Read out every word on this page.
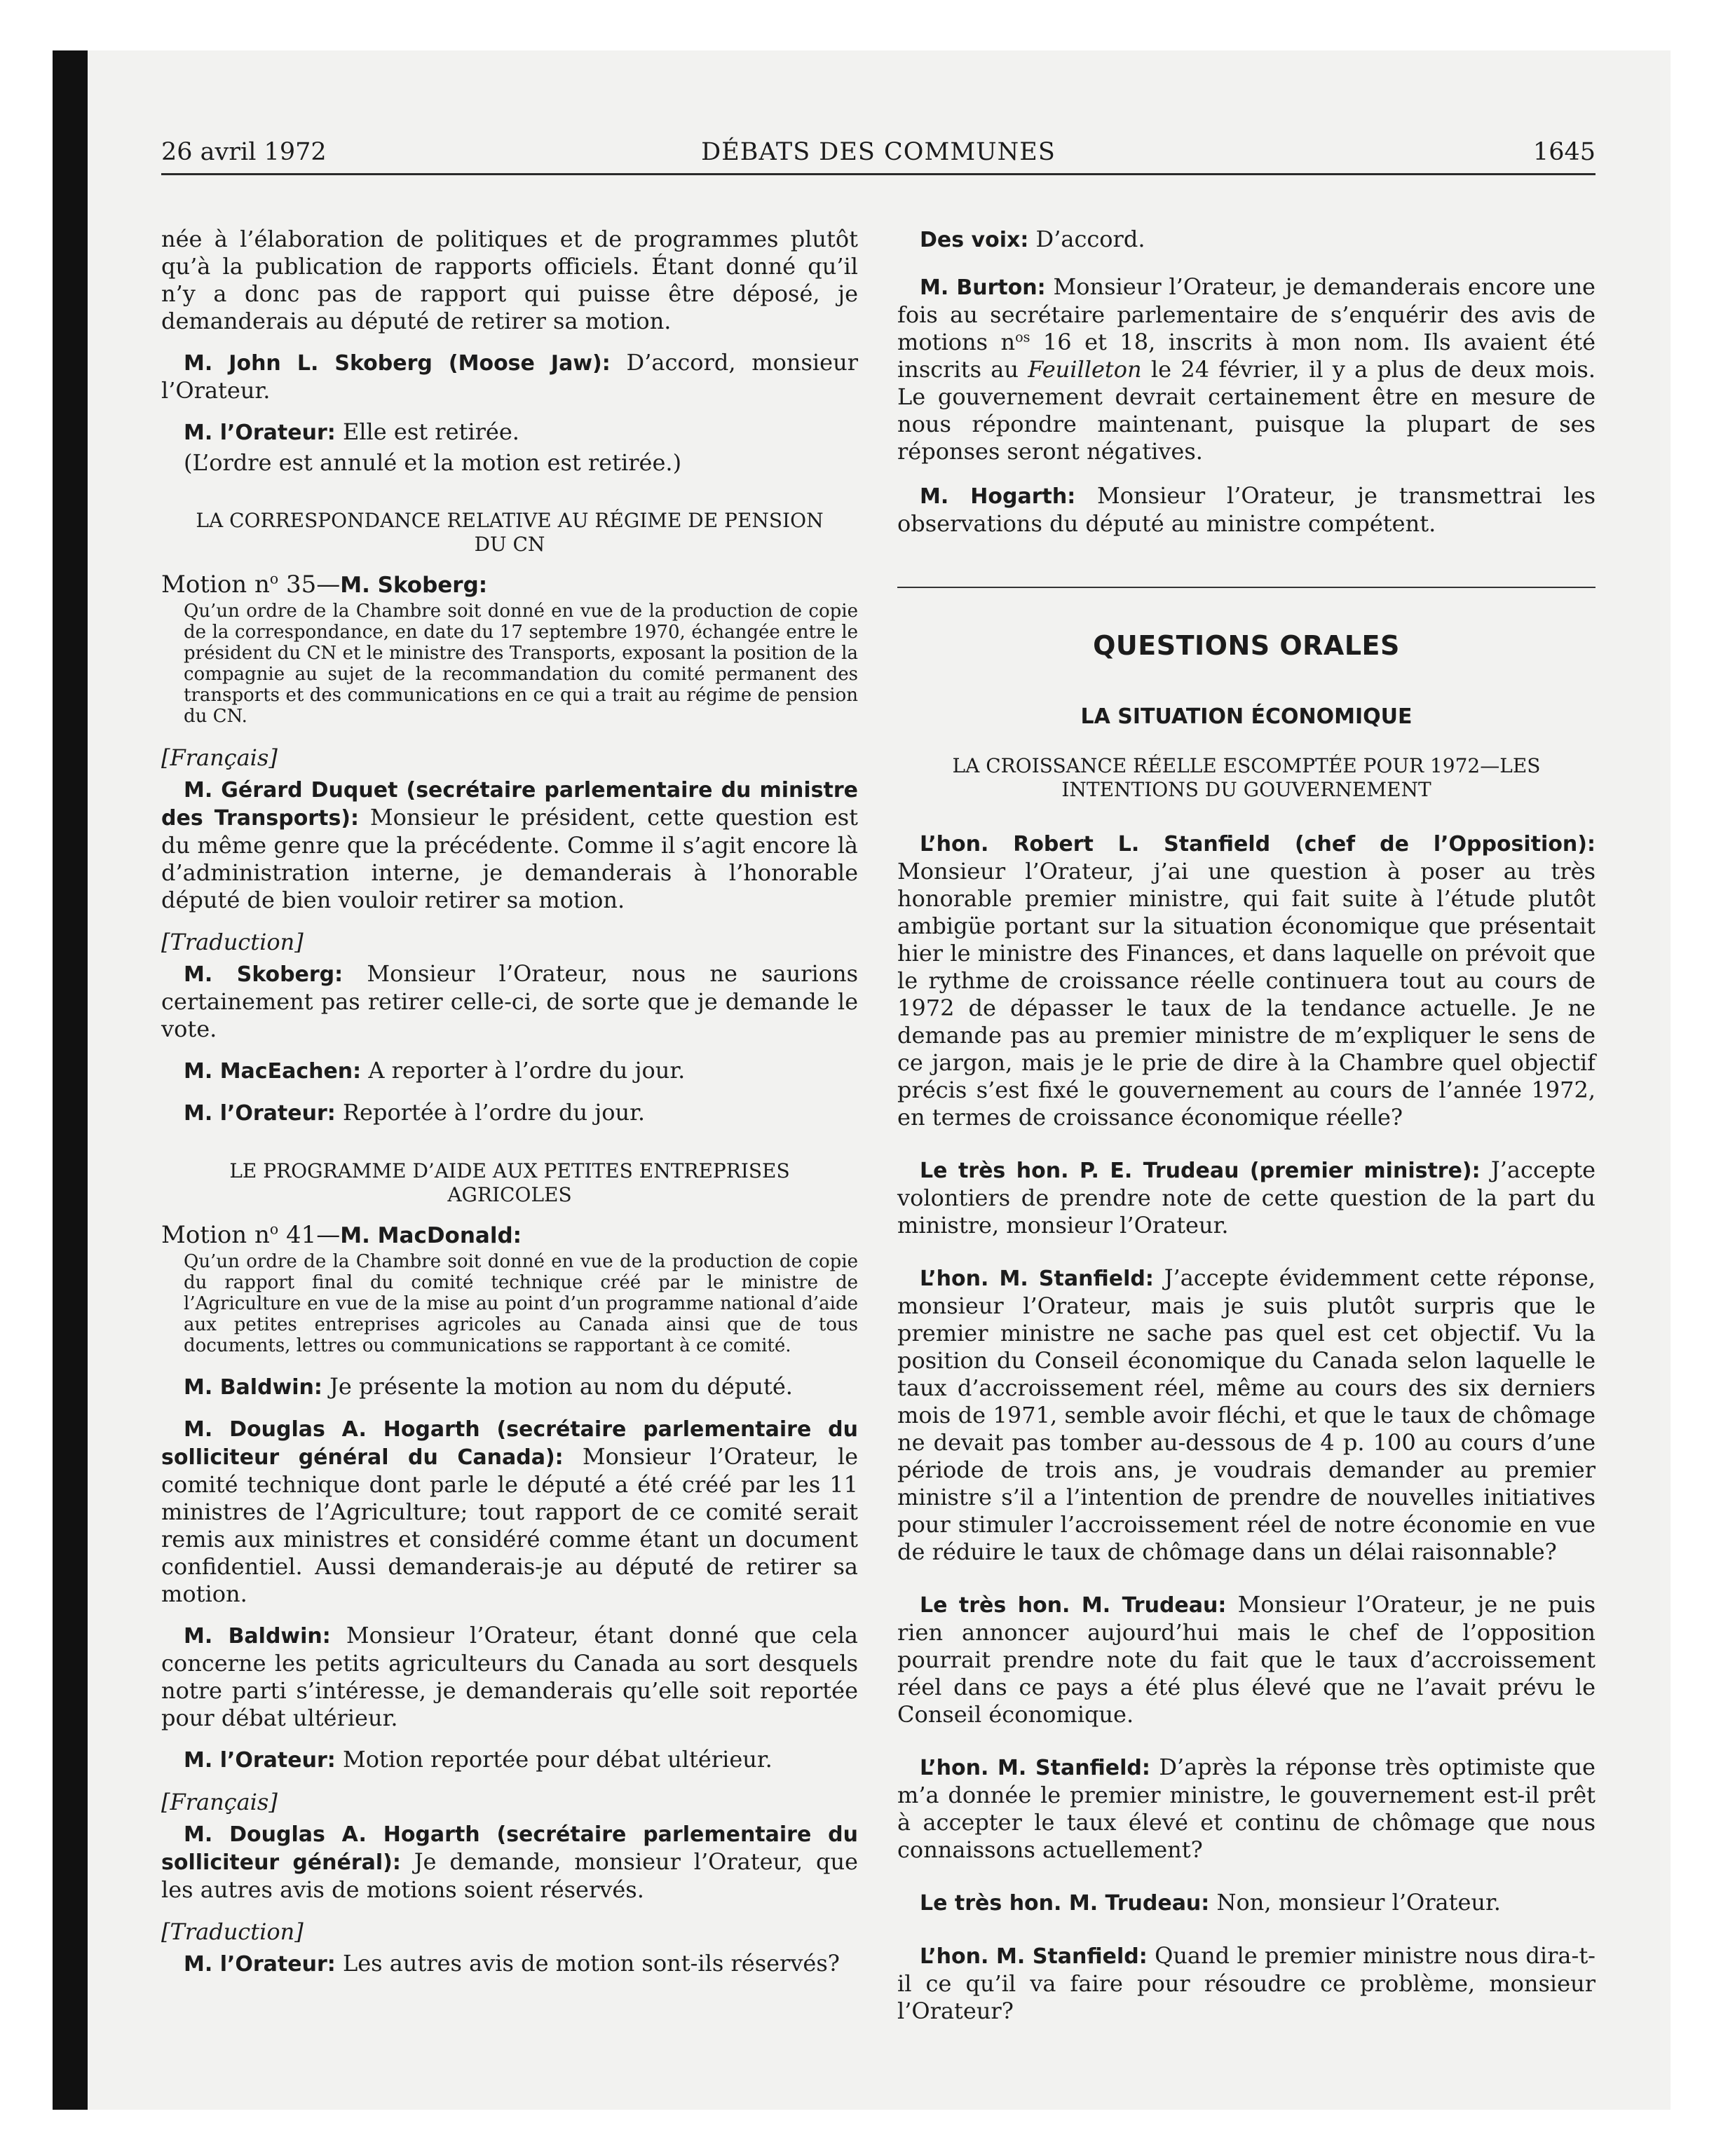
26 avril 1972	DÉBATS DES COMMUNES	1645

née à l’élaboration de politiques et de programmes plutôt qu’à la publication de rapports officiels. Étant donné qu’il n’y a donc pas de rapport qui puisse être déposé, je demanderais au député de retirer sa motion.

M. John L. Skoberg (Moose Jaw): D’accord, monsieur l’Orateur.

M. l’Orateur: Elle est retirée.

(L’ordre est annulé et la motion est retirée.)

LA CORRESPONDANCE RELATIVE AU RÉGIME DE PENSION DU CN

Motion $n^o$ 35—M. Skoberg:

Qu’un ordre de la Chambre soit donné en vue de la production de copie de la correspondance, en date du 17 septembre 1970, échangée entre le président du CN et le ministre des Transports, exposant la position de la compagnie au sujet de la recommandation du comité permanent des transports et des communications en ce qui a trait au régime de pension du CN.

[Français]

M. Gérard Duquet (secrétaire parlementaire du ministre des Transports): Monsieur le président, cette question est du même genre que la précédente. Comme il s’agit encore là d’administration interne, je demanderais à l’honorable député de bien vouloir retirer sa motion.

[Traduction]

M. Skoberg: Monsieur l’Orateur, nous ne saurions certainement pas retirer celle-ci, de sorte que je demande le vote.

M. MacEachen: A reporter à l’ordre du jour.

M. l’Orateur: Reportée à l’ordre du jour.

LE PROGRAMME D’AIDE AUX PETITES ENTREPRISES AGRICOLES

Motion $n^o$ 41—M. MacDonald:

Qu’un ordre de la Chambre soit donné en vue de la production de copie du rapport final du comité technique créé par le ministre de l’Agriculture en vue de la mise au point d’un programme national d’aide aux petites entreprises agricoles au Canada ainsi que de tous documents, lettres ou communications se rapportant à ce comité.

M. Baldwin: Je présente la motion au nom du député.

M. Douglas A. Hogarth (secrétaire parlementaire du solliciteur général du Canada): Monsieur l’Orateur, le comité technique dont parle le député a été créé par les 11 ministres de l’Agriculture; tout rapport de ce comité serait remis aux ministres et considéré comme étant un document confidentiel. Aussi demanderais-je au député de retirer sa motion.

M. Baldwin: Monsieur l’Orateur, étant donné que cela concerne les petits agriculteurs du Canada au sort desquels notre parti s’intéresse, je demanderais qu’elle soit reportée pour débat ultérieur.

M. l’Orateur: Motion reportée pour débat ultérieur.

[Français]

M. Douglas A. Hogarth (secrétaire parlementaire du solliciteur général): Je demande, monsieur l’Orateur, que les autres avis de motions soient réservés.

[Traduction]

M. l’Orateur: Les autres avis de motion sont-ils réservés?

Des voix: D’accord.

M. Burton: Monsieur l’Orateur, je demanderais encore une fois au secrétaire parlementaire de s’enquérir des avis de motions $n^{os}$ 16 et 18, inscrits à mon nom. Ils avaient été inscrits au Feuilleton le 24 février, il y a plus de deux mois. Le gouvernement devrait certainement être en mesure de nous répondre maintenant, puisque la plupart de ses réponses seront négatives.

M. Hogarth: Monsieur l’Orateur, je transmettrai les observations du député au ministre compétent.

QUESTIONS ORALES

LA SITUATION ÉCONOMIQUE

LA CROISSANCE RÉELLE ESCOMPTÉE POUR 1972—LES INTENTIONS DU GOUVERNEMENT

L’hon. Robert L. Stanfield (chef de l’Opposition): Monsieur l’Orateur, j’ai une question à poser au très honorable premier ministre, qui fait suite à l’étude plutôt ambigüe portant sur la situation économique que présentait hier le ministre des Finances, et dans laquelle on prévoit que le rythme de croissance réelle continuera tout au cours de 1972 de dépasser le taux de la tendance actuelle. Je ne demande pas au premier ministre de m’expliquer le sens de ce jargon, mais je le prie de dire à la Chambre quel objectif précis s’est fixé le gouvernement au cours de l’année 1972, en termes de croissance économique réelle?

Le très hon. P. E. Trudeau (premier ministre): J’accepte volontiers de prendre note de cette question de la part du ministre, monsieur l’Orateur.

L’hon. M. Stanfield: J’accepte évidemment cette réponse, monsieur l’Orateur, mais je suis plutôt surpris que le premier ministre ne sache pas quel est cet objectif. Vu la position du Conseil économique du Canada selon laquelle le taux d’accroissement réel, même au cours des six derniers mois de 1971, semble avoir fléchi, et que le taux de chômage ne devait pas tomber au-dessous de 4 p. 100 au cours d’une période de trois ans, je voudrais demander au premier ministre s’il a l’intention de prendre de nouvelles initiatives pour stimuler l’accroissement réel de notre économie en vue de réduire le taux de chômage dans un délai raisonnable?

Le très hon. M. Trudeau: Monsieur l’Orateur, je ne puis rien annoncer aujourd’hui mais le chef de l’opposition pourrait prendre note du fait que le taux d’accroissement réel dans ce pays a été plus élevé que ne l’avait prévu le Conseil économique.

L’hon. M. Stanfield: D’après la réponse très optimiste que m’a donnée le premier ministre, le gouvernement est-il prêt à accepter le taux élevé et continu de chômage que nous connaissons actuellement?

Le très hon. M. Trudeau: Non, monsieur l’Orateur.

L’hon. M. Stanfield: Quand le premier ministre nous dira-t-il ce qu’il va faire pour résoudre ce problème, monsieur l’Orateur?
